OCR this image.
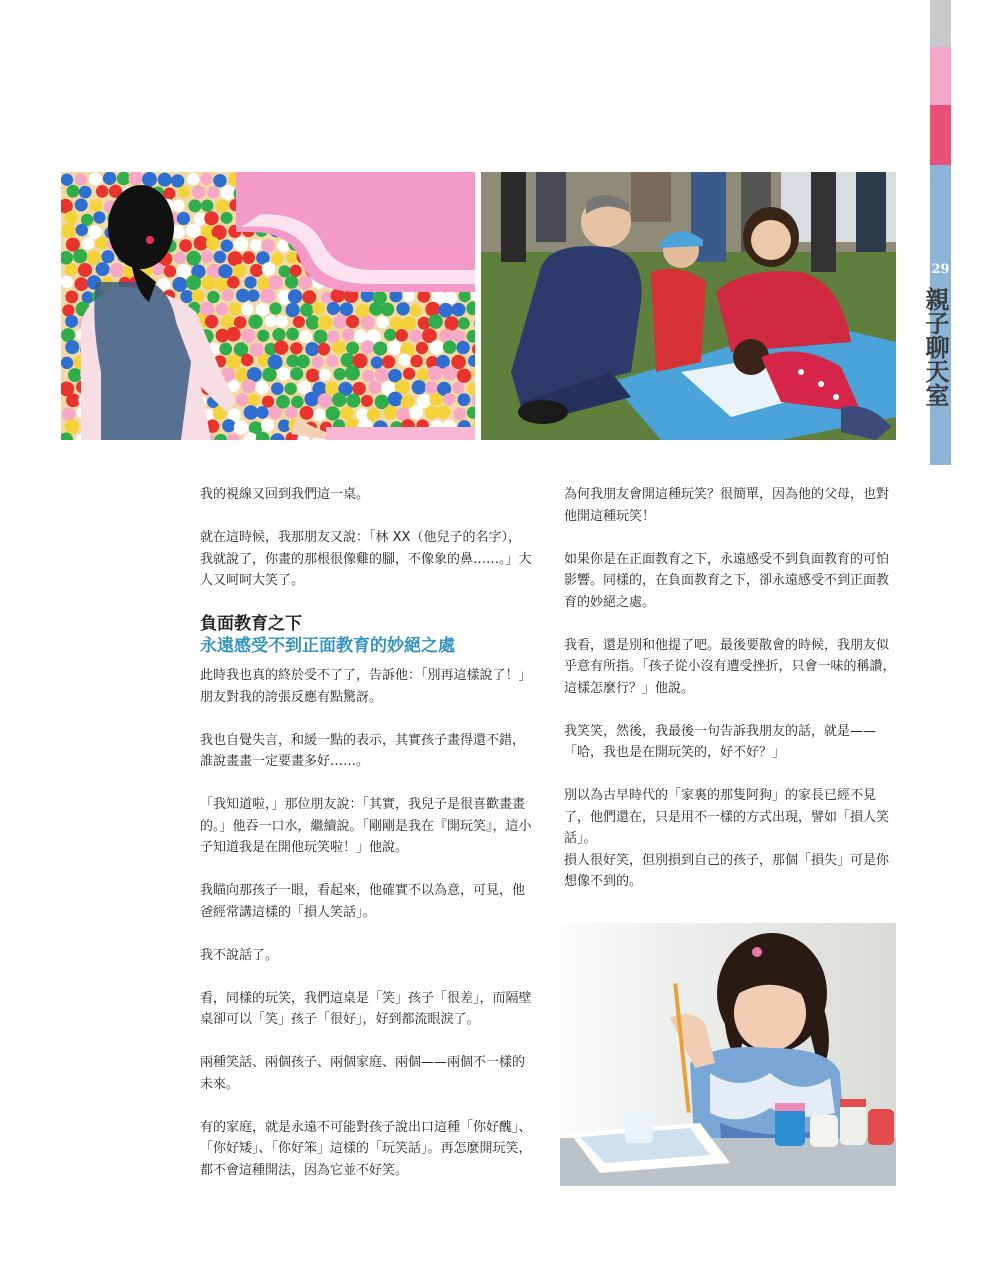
29
親子聊天室

我的視線又回到我們這一桌。

就在這時候，我那朋友又說：「林 XX（他兒子的名字），我就說了，你畫的那根很像雞的腳，不像象的鼻……。」大人又呵呵大笑了。

負面教育之下
永遠感受不到正面教育的妙絕之處

此時我也真的終於受不了了，告訴他：「別再這樣說了！」朋友對我的誇張反應有點驚訝。

我也自覺失言，和緩一點的表示，其實孩子畫得還不錯，誰說畫畫一定要畫多好……。

「我知道啦，」那位朋友說：「其實，我兒子是很喜歡畫畫的。」他吞一口水，繼續說。「剛剛是我在『開玩笑』，這小子知道我是在開他玩笑啦！」他說。

我瞄向那孩子一眼，看起來，他確實不以為意，可見，他爸經常講這樣的「損人笑話」。

我不說話了。

看，同樣的玩笑，我們這桌是「笑」孩子「很差」，而隔壁桌卻可以「笑」孩子「很好」，好到都流眼淚了。

兩種笑話、兩個孩子、兩個家庭、兩個——兩個不一樣的未來。

有的家庭，就是永遠不可能對孩子說出口這種「你好醜」、「你好矮」、「你好笨」這樣的「玩笑話」。再怎麼開玩笑，都不會這種開法，因為它並不好笑。

為何我朋友會開這種玩笑？很簡單，因為他的父母，也對他開這種玩笑！

如果你是在正面教育之下，永遠感受不到負面教育的可怕影響。同樣的，在負面教育之下，卻永遠感受不到正面教育的妙絕之處。

我看，還是別和他提了吧。最後要散會的時候，我朋友似乎意有所指。「孩子從小沒有遭受挫折，只會一味的稱讚，這樣怎麼行？」他說。

我笑笑，然後，我最後一句告訴我朋友的話，就是——「哈，我也是在開玩笑的，好不好？」

別以為古早時代的「家裏的那隻阿狗」的家長已經不見了，他們還在，只是用不一樣的方式出現，譬如「損人笑話」。

損人很好笑，但別損到自己的孩子，那個「損失」可是你想像不到的。
